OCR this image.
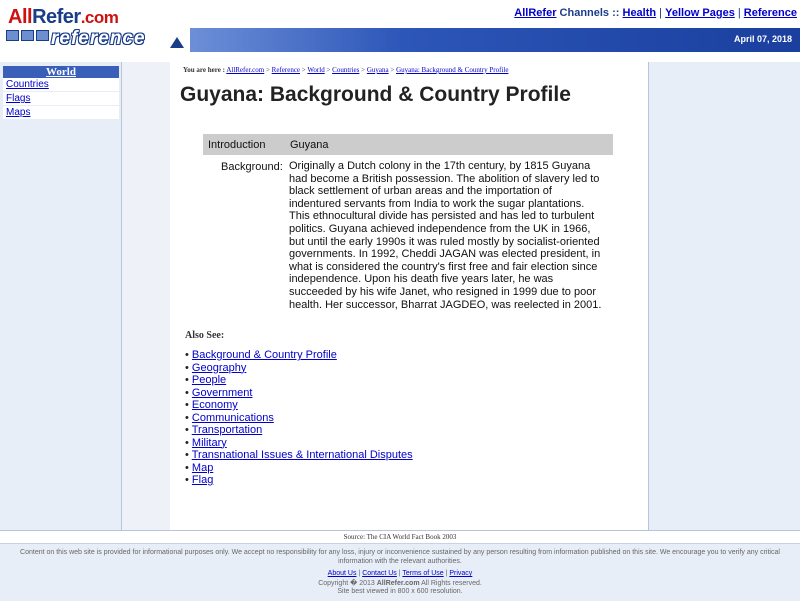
AllRefer.com
reference
AllRefer Channels :: Health | Yellow Pages | Reference
April 07, 2018
World
Countries
Flags
Maps
You are here : AllRefer.com > Reference > World > Countries > Guyana > Guyana: Background & Country Profile
Guyana: Background & Country Profile
Introduction Guyana
Background: Originally a Dutch colony in the 17th century, by 1815 Guyana had become a British possession. The abolition of slavery led to black settlement of urban areas and the importation of indentured servants from India to work the sugar plantations. This ethnocultural divide has persisted and has led to turbulent politics. Guyana achieved independence from the UK in 1966, but until the early 1990s it was ruled mostly by socialist-oriented governments. In 1992, Cheddi JAGAN was elected president, in what is considered the country's first free and fair election since independence. Upon his death five years later, he was succeeded by his wife Janet, who resigned in 1999 due to poor health. Her successor, Bharrat JAGDEO, was reelected in 2001.
Also See:
• Background & Country Profile
• Geography
• People
• Government
• Economy
• Communications
• Transportation
• Military
• Transnational Issues & International Disputes
• Map
• Flag
Source: The CIA World Fact Book 2003
Content on this web site is provided for informational purposes only. We accept no responsibility for any loss, injury or inconvenience sustained by any person resulting from information published on this site. We encourage you to verify any critical
information with the relevant authorities.
About Us | Contact Us | Terms of Use | Privacy
Copyright � 2013 AllRefer.com All Rights reserved.
Site best viewed in 800 x 600 resolution.
